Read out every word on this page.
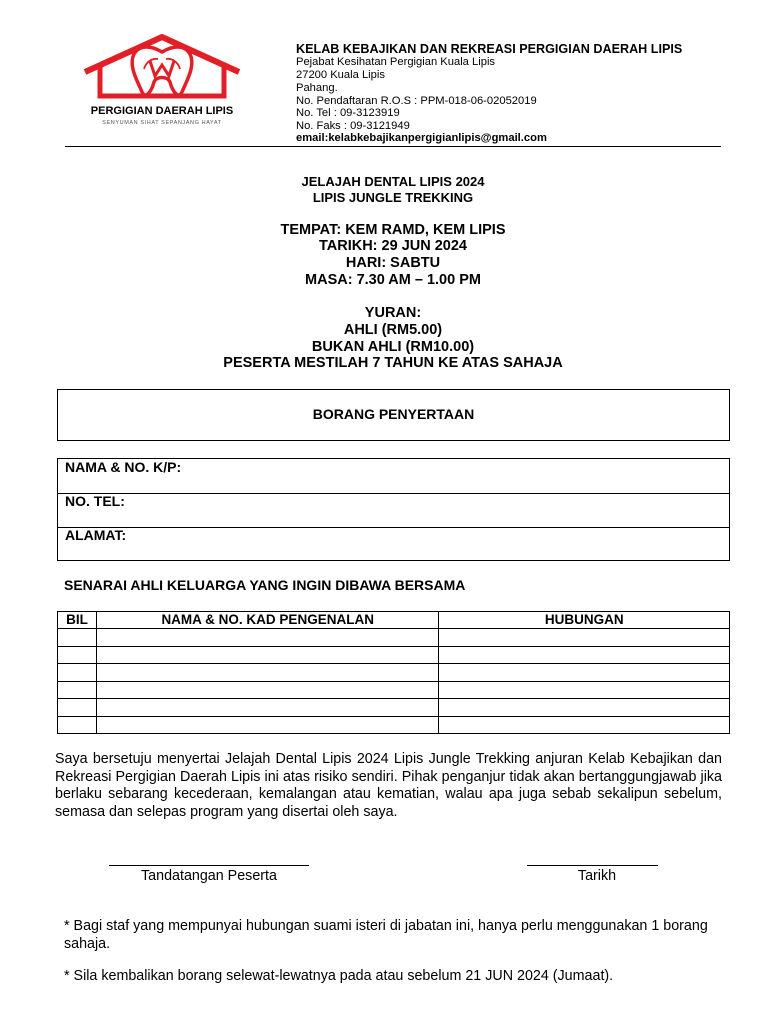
PERGIGIAN DAERAH LIPIS
SENYUMAN SIHAT SEPANJANG HAYAT
KELAB KEBAJIKAN DAN REKREASI PERGIGIAN DAERAH LIPIS
Pejabat Kesihatan Pergigian Kuala Lipis
27200 Kuala Lipis
Pahang.
No. Pendaftaran R.O.S : PPM-018-06-02052019
No. Tel : 09-3123919
No. Faks : 09-3121949
email:kelabkebajikanpergigianlipis@gmail.com
JELAJAH DENTAL LIPIS 2024
LIPIS JUNGLE TREKKING
TEMPAT: KEM RAMD, KEM LIPIS
TARIKH: 29 JUN 2024
HARI: SABTU
MASA: 7.30 AM – 1.00 PM
YURAN:
AHLI (RM5.00)
BUKAN AHLI (RM10.00)
PESERTA MESTILAH 7 TAHUN KE ATAS SAHAJA
BORANG PENYERTAAN
NAMA & NO. K/P:
NO. TEL:
ALAMAT:
SENARAI AHLI KELUARGA YANG INGIN DIBAWA BERSAMA
BIL	NAMA & NO. KAD PENGENALAN	HUBUNGAN

Saya bersetuju menyertai Jelajah Dental Lipis 2024 Lipis Jungle Trekking anjuran Kelab Kebajikan dan Rekreasi Pergigian Daerah Lipis ini atas risiko sendiri. Pihak penganjur tidak akan bertanggungjawab jika berlaku sebarang kecederaan, kemalangan atau kematian, walau apa juga sebab sekalipun sebelum, semasa dan selepas program yang disertai oleh saya.
Tandatangan Peserta	Tarikh
* Bagi staf yang mempunyai hubungan suami isteri di jabatan ini, hanya perlu menggunakan 1 borang sahaja.
* Sila kembalikan borang selewat-lewatnya pada atau sebelum 21 JUN 2024 (Jumaat).
